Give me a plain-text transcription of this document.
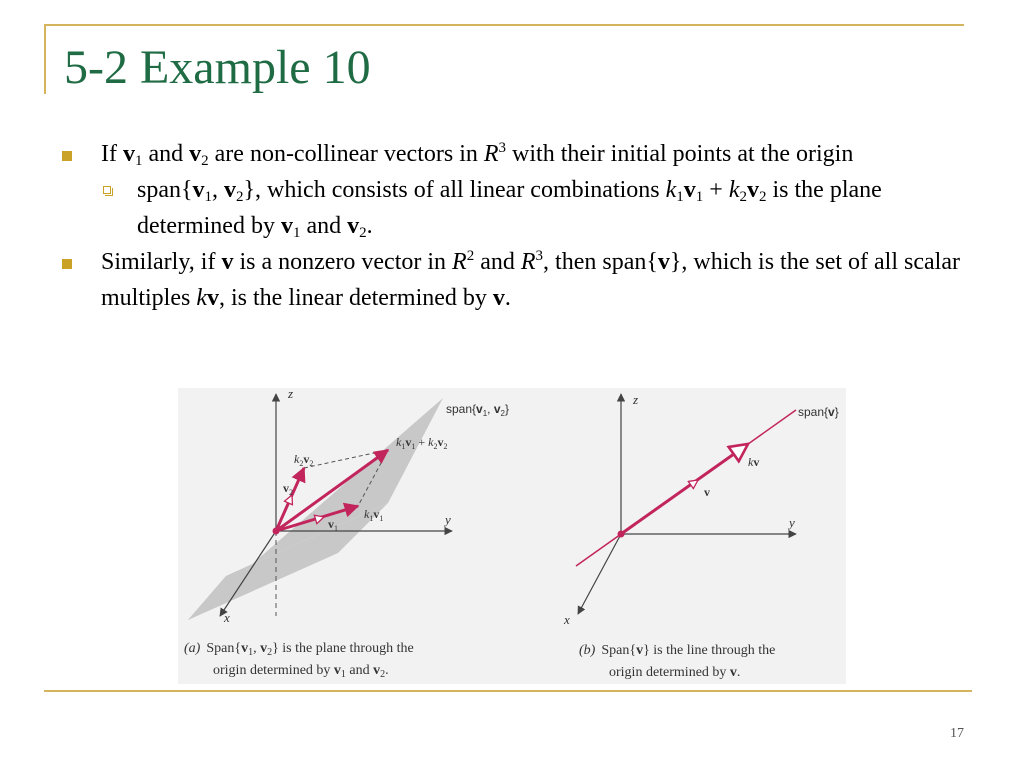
5-2 Example 10
If $v_1$ and $v_2$ are non-collinear vectors in $R^3$ with their initial points at the origin
$span\{v_1$, $v_2$}, which consists of all linear combinations $k_1v_1 + k_2v_2$ is the plane determined by $v_1$ and $v_2$.
Similarly, if v is a nonzero vector in $R^2$ and $R^3$, then span{v}, which is the set of all scalar multiples kv, is the linear determined by v.
z
y
x
$span\{v_1$, $v_2$}
$k_1v_1 + k_2v_2$
$k_2v_2$
$v_2$
$v_1$
$k_1v_1$
(a) $Span\{v_1$, $v_2$} is the plane through the
origin determined by $v_1$ and $v_2$.
z
y
x
span{v}
kv
v
(b) Span{v} is the line through the
origin determined by v.
17
